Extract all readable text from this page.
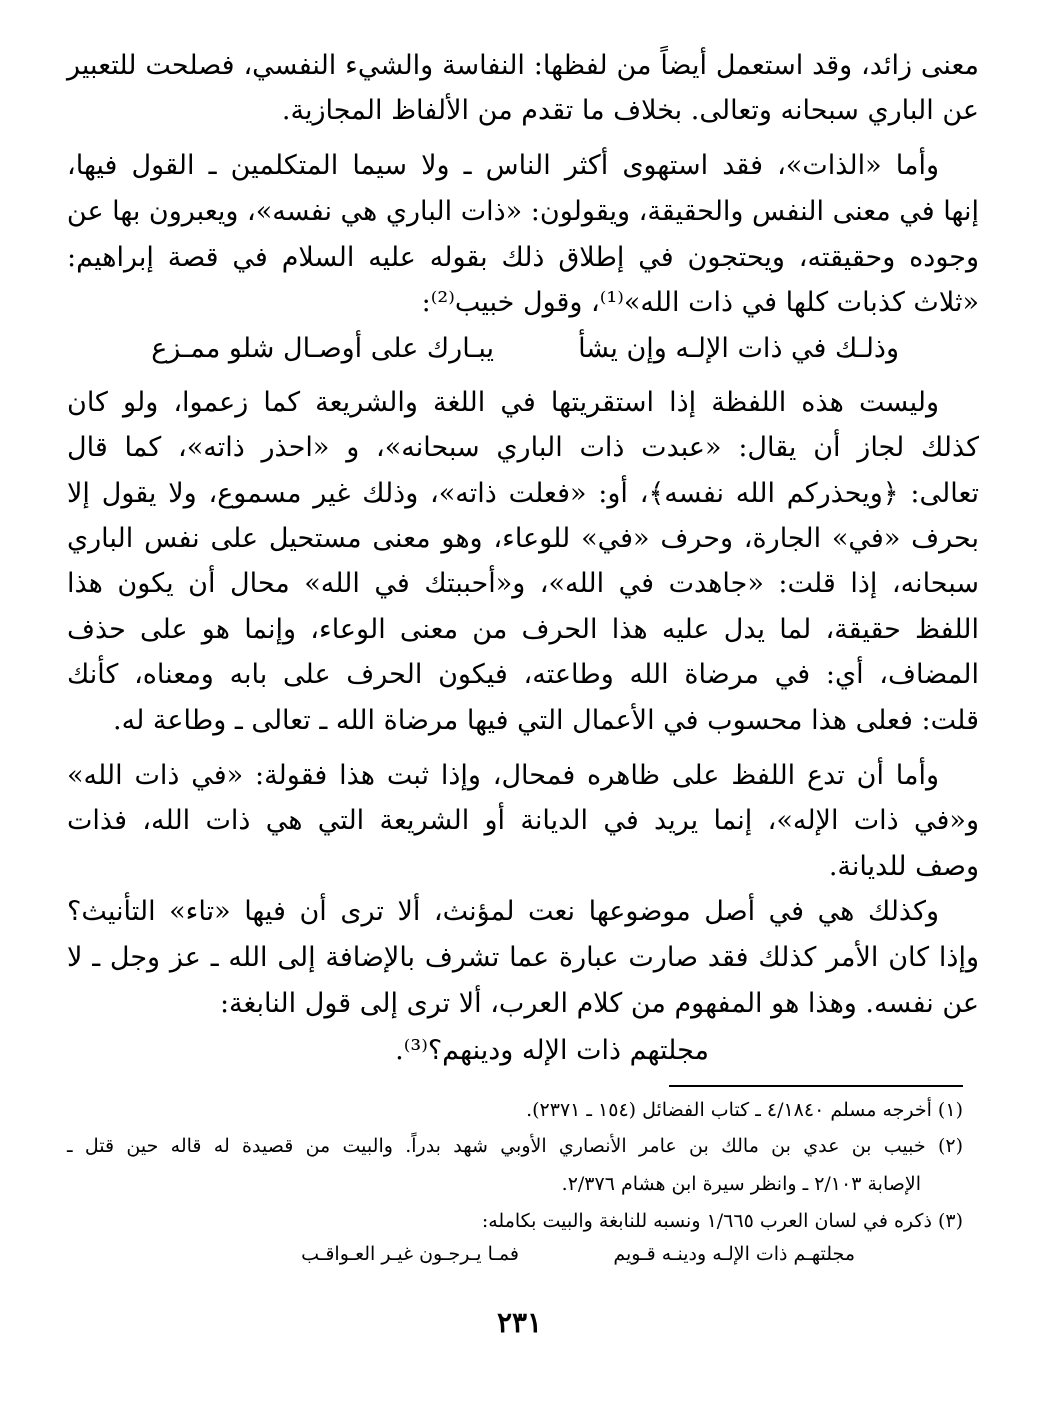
معنى زائد، وقد استعمل أيضاً من لفظها: النفاسة والشيء النفسي، فصلحت للتعبير
عن الباري سبحانه وتعالى. بخلاف ما تقدم من الألفاظ المجازية.
وأما «الذات»، فقد استهوى أكثر الناس ـ ولا سيما المتكلمين ـ القول فيها،
إنها في معنى النفس والحقيقة، ويقولون: «ذات الباري هي نفسه»، ويعبرون بها عن
وجوده وحقيقته، ويحتجون في إطلاق ذلك بقوله عليه السلام في قصة إبراهيم:
«ثلاث كذبات كلها في ذات الله»⁽¹⁾، وقول خبيب⁽²⁾:
وذلـك في ذات الإلـه وإن يشأ
يبـارك على أوصـال شلو ممـزع
وليست هذه اللفظة إذا استقريتها في اللغة والشريعة كما زعموا، ولو كان
كذلك لجاز أن يقال: «عبدت ذات الباري سبحانه»، و «احذر ذاته»، كما قال
تعالى: ﴿ويحذركم الله نفسه﴾، أو: «فعلت ذاته»، وذلك غير مسموع، ولا يقول إلا
بحرف «في» الجارة، وحرف «في» للوعاء، وهو معنى مستحيل على نفس الباري
سبحانه، إذا قلت: «جاهدت في الله»، و«أحببتك في الله» محال أن يكون هذا
اللفظ حقيقة، لما يدل عليه هذا الحرف من معنى الوعاء، وإنما هو على حذف
المضاف، أي: في مرضاة الله وطاعته، فيكون الحرف على بابه ومعناه، كأنك
قلت: فعلى هذا محسوب في الأعمال التي فيها مرضاة الله ـ تعالى ـ وطاعة له.
وأما أن تدع اللفظ على ظاهره فمحال، وإذا ثبت هذا فقولة: «في ذات الله»
و«في ذات الإله»، إنما يريد في الديانة أو الشريعة التي هي ذات الله، فذات
وصف للديانة.
وكذلك هي في أصل موضوعها نعت لمؤنث، ألا ترى أن فيها «تاء» التأنيث؟
وإذا كان الأمر كذلك فقد صارت عبارة عما تشرف بالإضافة إلى الله ـ عز وجل ـ لا
عن نفسه. وهذا هو المفهوم من كلام العرب، ألا ترى إلى قول النابغة:
مجلتهم ذات الإله ودينهم؟⁽³⁾.
(١) أخرجه مسلم ٤/١٨٤٠ ـ كتاب الفضائل (١٥٤ ـ ٢٣٧١).
(٢) خبيب بن عدي بن مالك بن عامر الأنصاري الأوبي شهد بدراً. والبيت من قصيدة له قاله حين قتل ـ
الإصابة ٢/١٠٣ ـ وانظر سيرة ابن هشام ٢/٣٧٦.
(٣) ذكره في لسان العرب ١/٦٦٥ ونسبه للنابغة والبيت بكامله:
مجلتهـم ذات الإلـه ودينـه قـويم
فمـا يـرجـون غيـر العـواقـب
٢٣١
